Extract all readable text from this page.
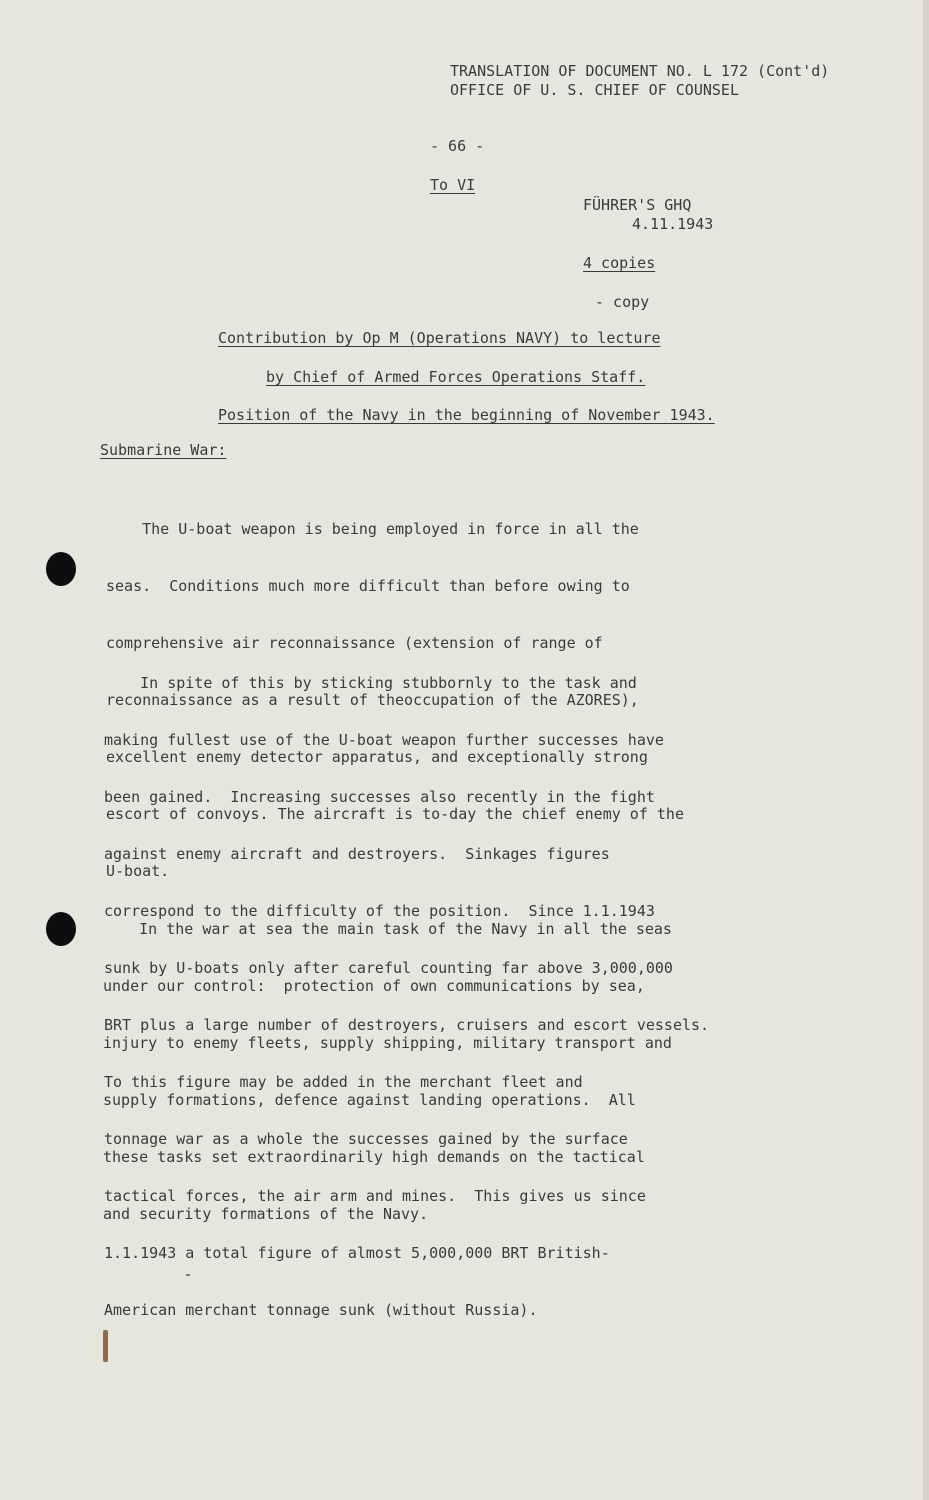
TRANSLATION OF DOCUMENT NO. L 172 (Cont'd)
OFFICE OF U. S. CHIEF OF COUNSEL
- 66 -
To VI
FÜHRER'S GHQ
4.11.1943
4 copies
- copy
Contribution by Op M (Operations NAVY) to lecture
by Chief of Armed Forces Operations Staff.
Position of the Navy in the beginning of November 1943.
Submarine War:

The U-boat weapon is being employed in force in all the

seas.  Conditions much more difficult than before owing to

comprehensive air reconnaissance (extension of range of

reconnaissance as a result of theoccupation of the AZORES),

excellent enemy detector apparatus, and exceptionally strong

escort of convoys. The aircraft is to-day the chief enemy of the

U-boat.

In spite of this by sticking stubbornly to the task and

making fullest use of the U-boat weapon further successes have

been gained.  Increasing successes also recently in the fight

against enemy aircraft and destroyers.  Sinkages figures

correspond to the difficulty of the position.  Since 1.1.1943

sunk by U-boats only after careful counting far above 3,000,000

BRT plus a large number of destroyers, cruisers and escort vessels.

To this figure may be added in the merchant fleet and

tonnage war as a whole the successes gained by the surface

tactical forces, the air arm and mines.  This gives us since

1.1.1943 a total figure of almost 5,000,000 BRT British-

American merchant tonnage sunk (without Russia).

In the war at sea the main task of the Navy in all the seas

under our control:  protection of own communications by sea,

injury to enemy fleets, supply shipping, military transport and

supply formations, defence against landing operations.  All

these tasks set extraordinarily high demands on the tactical

and security formations of the Navy.
